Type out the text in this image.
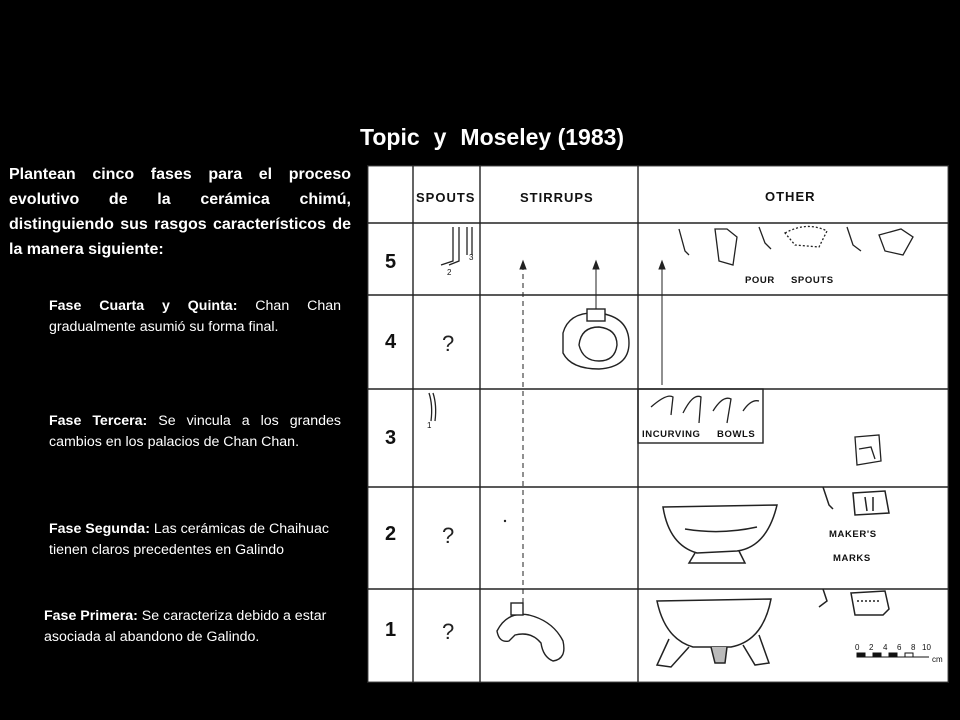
Topic y Moseley (1983)
Plantean cinco fases para el proceso evolutivo de la cerámica chimú, distinguiendo sus rasgos característicos de la manera siguiente:
Fase Cuarta y Quinta: Chan Chan gradualmente asumió su forma final.
Fase Tercera: Se vincula a los grandes cambios en los palacios de Chan Chan.
Fase Segunda: Las cerámicas de Chaihuac tienen claros precedentes en Galindo
Fase Primera: Se caracteriza debido a estar asociada al abandono de Galindo.
SPOUTS	STIRRUPS	OTHER
5
4
3
2
1
?
?
?
2
3
1
POUR SPOUTS
INCURVING BOWLS
MAKER'S
MARKS
0 2 4 6 8 10
cm
